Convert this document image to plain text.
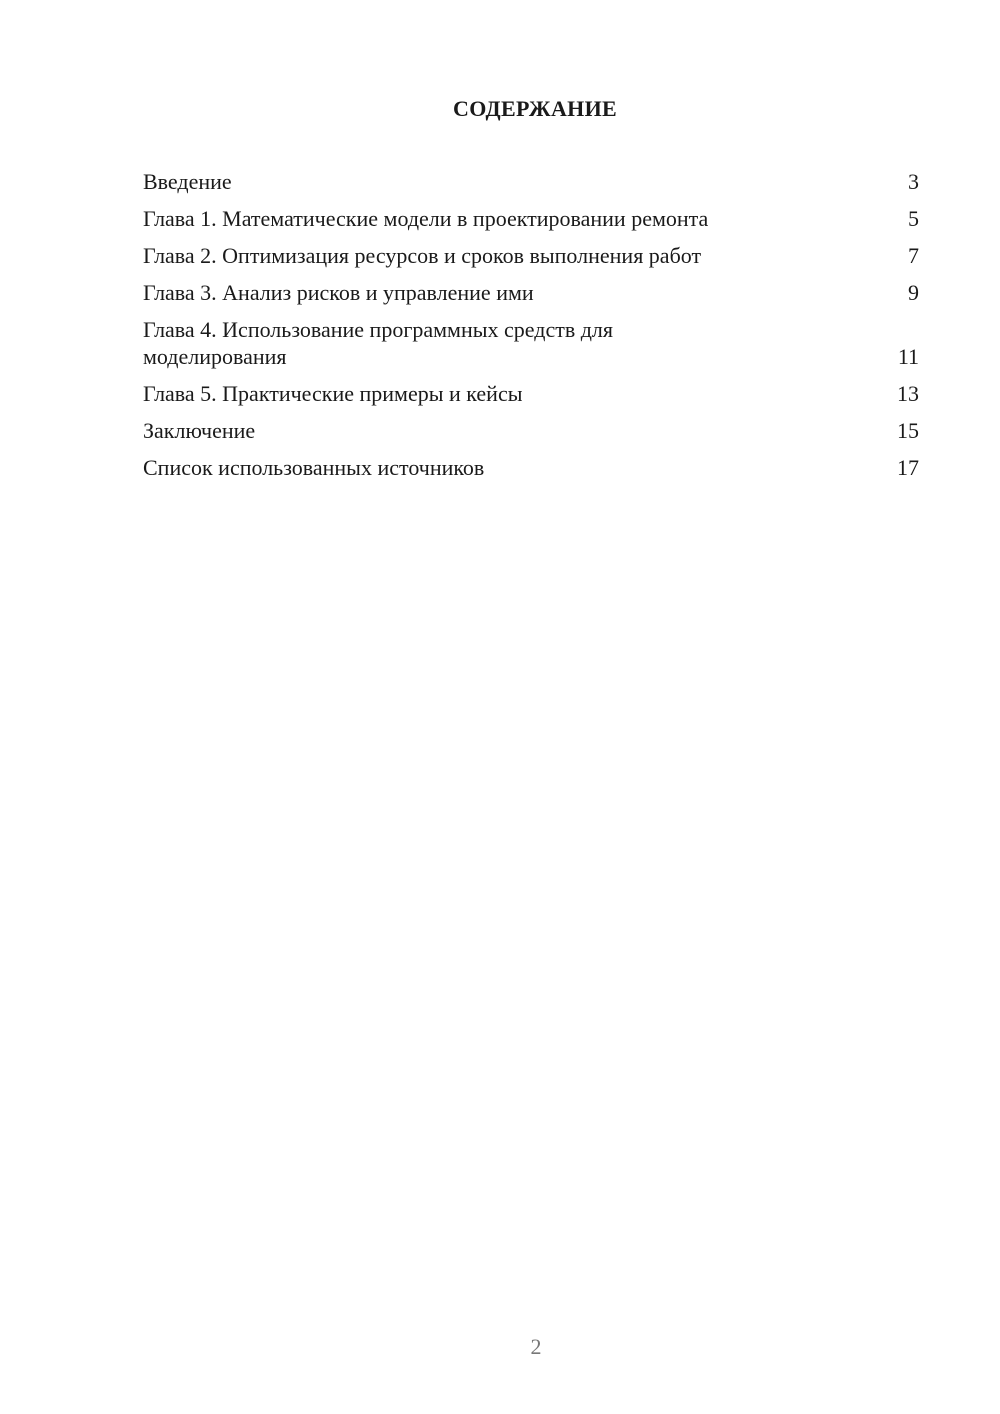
СОДЕРЖАНИЕ
Введение	3
Глава 1. Математические модели в проектировании ремонта	5
Глава 2. Оптимизация ресурсов и сроков выполнения работ	7
Глава 3. Анализ рисков и управление ими	9
Глава 4. Использование программных средств для моделирования	11
Глава 5. Практические примеры и кейсы	13
Заключение	15
Список использованных источников	17
2
